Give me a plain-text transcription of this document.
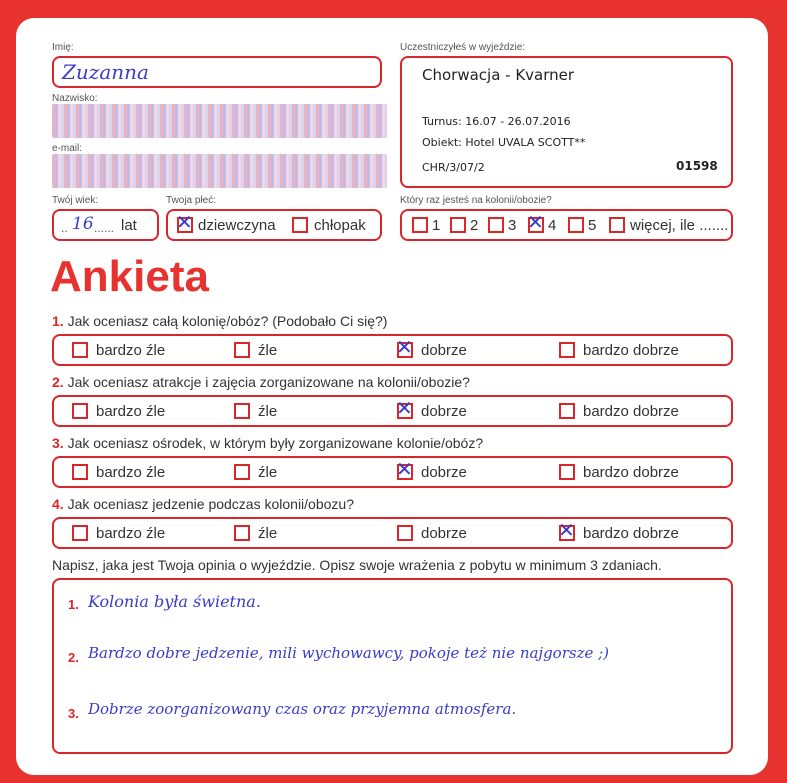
Imię:
Zuzanna
Nazwisko:
e-mail:
Uczestniczyłeś w wyjeździe:
Chorwacja - Kvarner
Turnus: 16.07 - 26.07.2016
Obiekt: Hotel UVALA SCOTT**
CHR/3/07/2	01598
Twój wiek:
.. 16 ...... lat
Twoja płeć:
✕ dziewczyna	chłopak
Który raz jesteś na kolonii/obozie?
1 2 3 ✕ 4 5 więcej, ile .......
Ankieta
1. Jak oceniasz całą kolonię/obóz? (Podobało Ci się?)
bardzo źle	źle	✕ dobrze	bardzo dobrze
2. Jak oceniasz atrakcje i zajęcia zorganizowane na kolonii/obozie?
bardzo źle	źle	✕ dobrze	bardzo dobrze
3. Jak oceniasz ośrodek, w którym były zorganizowane kolonie/obóz?
bardzo źle	źle	✕ dobrze	bardzo dobrze
4. Jak oceniasz jedzenie podczas kolonii/obozu?
bardzo źle	źle	dobrze	✕ bardzo dobrze
Napisz, jaka jest Twoja opinia o wyjeździe. Opisz swoje wrażenia z pobytu w minimum 3 zdaniach.
1. Kolonia była świetna.
2. Bardzo dobre jedzenie, mili wychowawcy, pokoje też nie najgorsze ;)
3. Dobrze zoorganizowany czas oraz przyjemna atmosfera.
